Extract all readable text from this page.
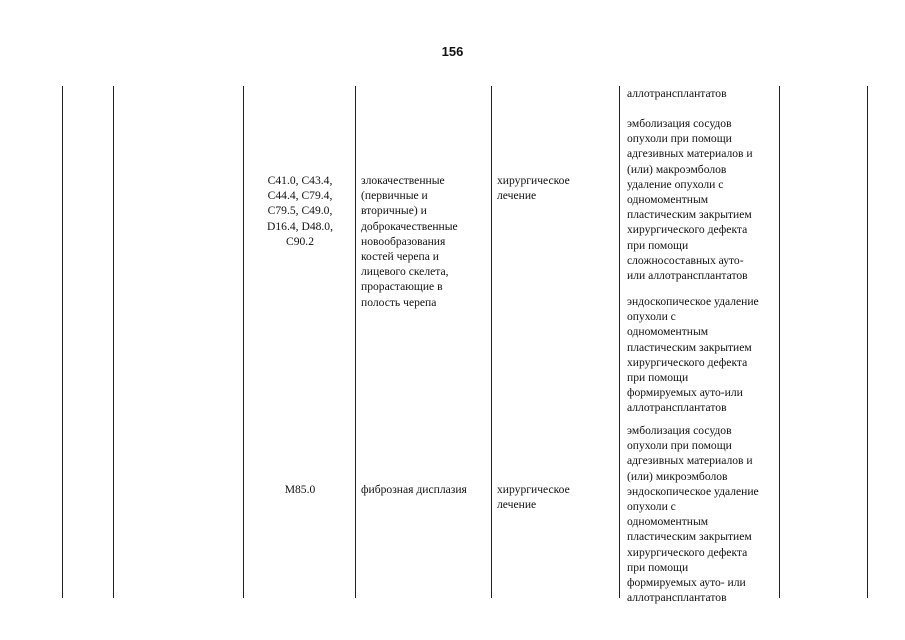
156
аллотрансплантатов
эмболизация сосудов
опухоли при помощи
адгезивных материалов и
(или) макроэмболов
удаление опухоли с
одномоментным
пластическим закрытием
хирургического дефекта
при помощи
сложносоставных ауто-
или аллотрансплантатов
эндоскопическое удаление
опухоли с
одномоментным
пластическим закрытием
хирургического дефекта
при помощи
формируемых ауто-или
аллотрансплантатов
C41.0, C43.4,
C44.4, C79.4,
C79.5, C49.0,
D16.4, D48.0,
C90.2
злокачественные
(первичные и
вторичные) и
доброкачественные
новообразования
костей черепа и
лицевого скелета,
прорастающие в
полость черепа
хирургическое
лечение
M85.0	фиброзная дисплазия	хирургическое
лечение
эмболизация сосудов
опухоли при помощи
адгезивных материалов и
(или) микроэмболов
эндоскопическое удаление
опухоли с
одномоментным
пластическим закрытием
хирургического дефекта
при помощи
формируемых ауто- или
аллотрансплантатов
